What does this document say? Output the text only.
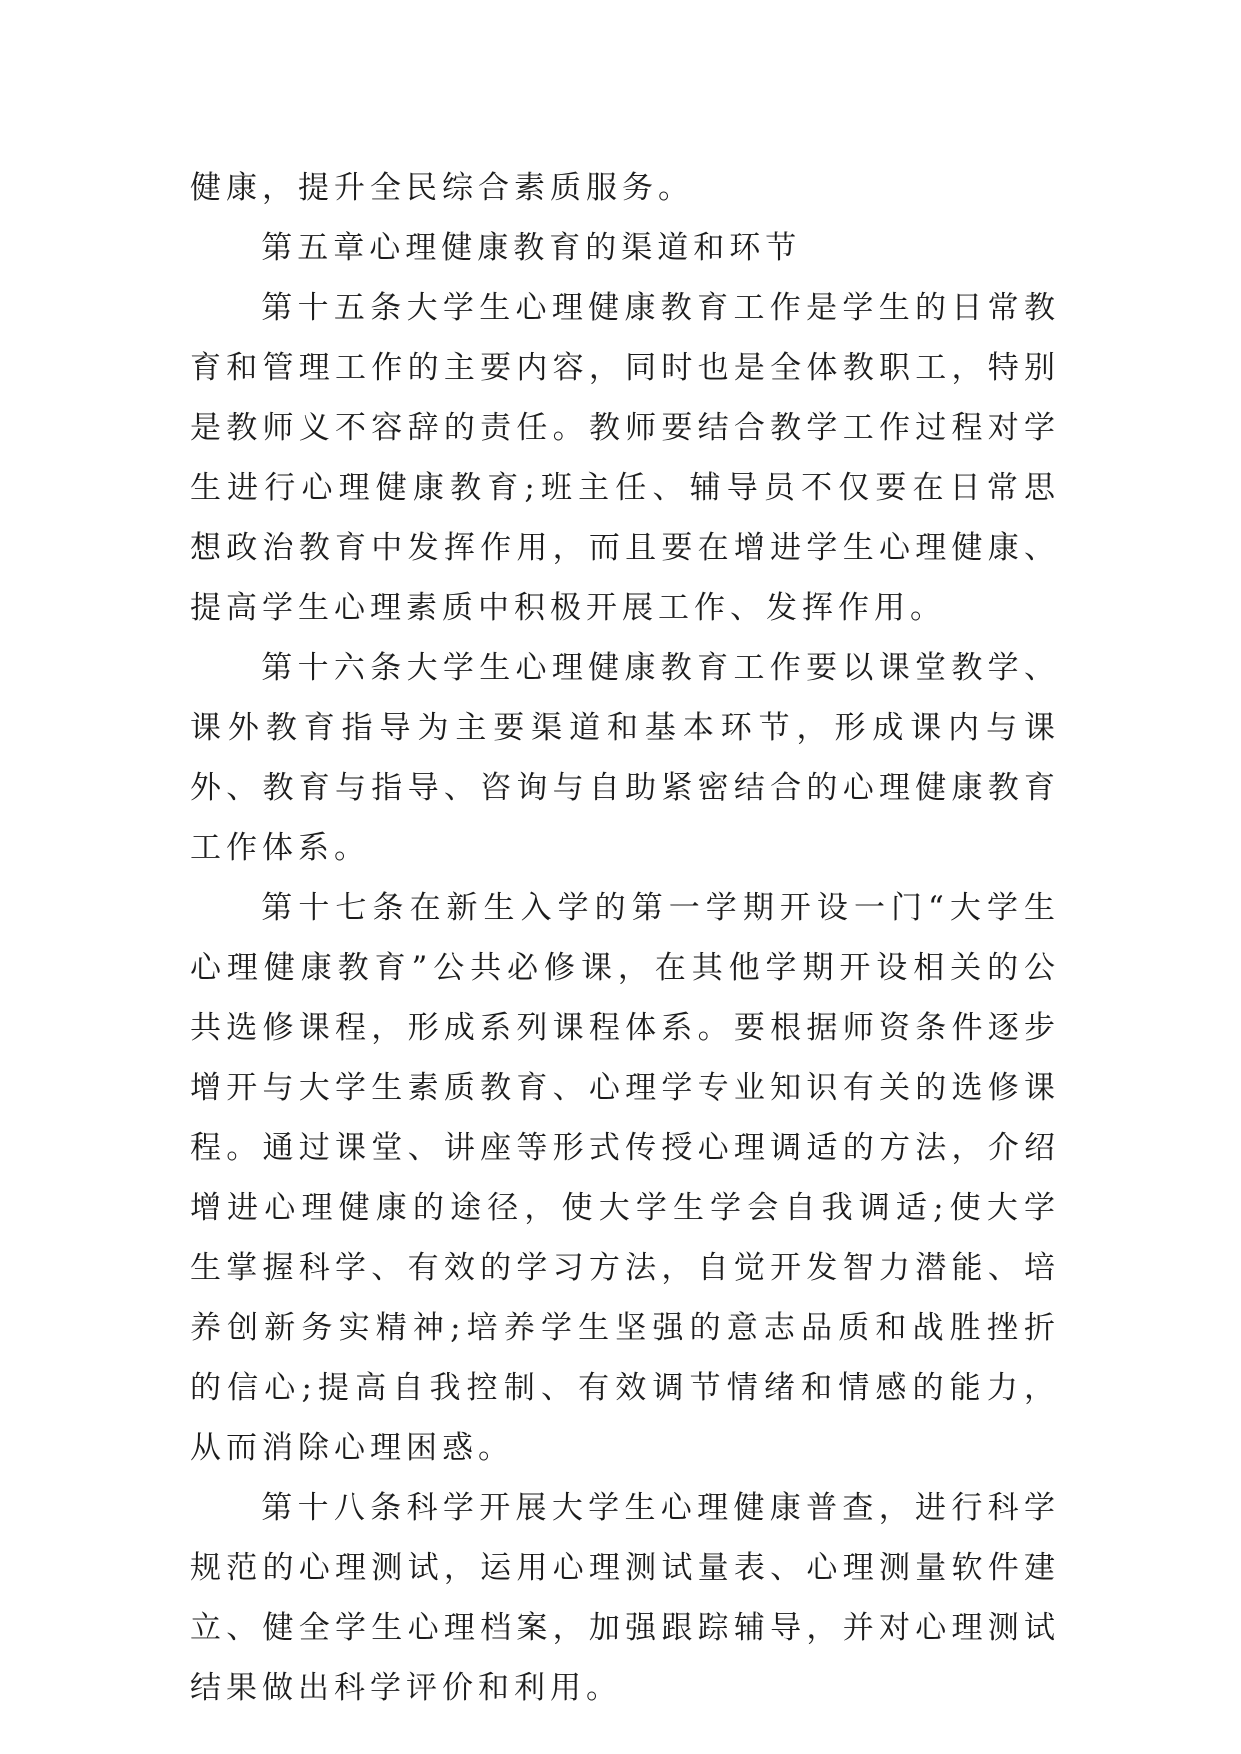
健康，提升全民综合素质服务。

第五章心理健康教育的渠道和环节

第十五条大学生心理健康教育工作是学生的日常教育和管理工作的主要内容，同时也是全体教职工，特别是教师义不容辞的责任。教师要结合教学工作过程对学生进行心理健康教育;班主任、辅导员不仅要在日常思想政治教育中发挥作用，而且要在增进学生心理健康、提高学生心理素质中积极开展工作、发挥作用。

第十六条大学生心理健康教育工作要以课堂教学、课外教育指导为主要渠道和基本环节，形成课内与课外、教育与指导、咨询与自助紧密结合的心理健康教育工作体系。

第十七条在新生入学的第一学期开设一门“大学生心理健康教育”公共必修课，在其他学期开设相关的公共选修课程，形成系列课程体系。要根据师资条件逐步增开与大学生素质教育、心理学专业知识有关的选修课程。通过课堂、讲座等形式传授心理调适的方法，介绍增进心理健康的途径，使大学生学会自我调适;使大学生掌握科学、有效的学习方法，自觉开发智力潜能、培养创新务实精神;培养学生坚强的意志品质和战胜挫折的信心;提高自我控制、有效调节情绪和情感的能力，从而消除心理困惑。

第十八条科学开展大学生心理健康普查，进行科学规范的心理测试，运用心理测试量表、心理测量软件建立、健全学生心理档案，加强跟踪辅导，并对心理测试结果做出科学评价和利用。
